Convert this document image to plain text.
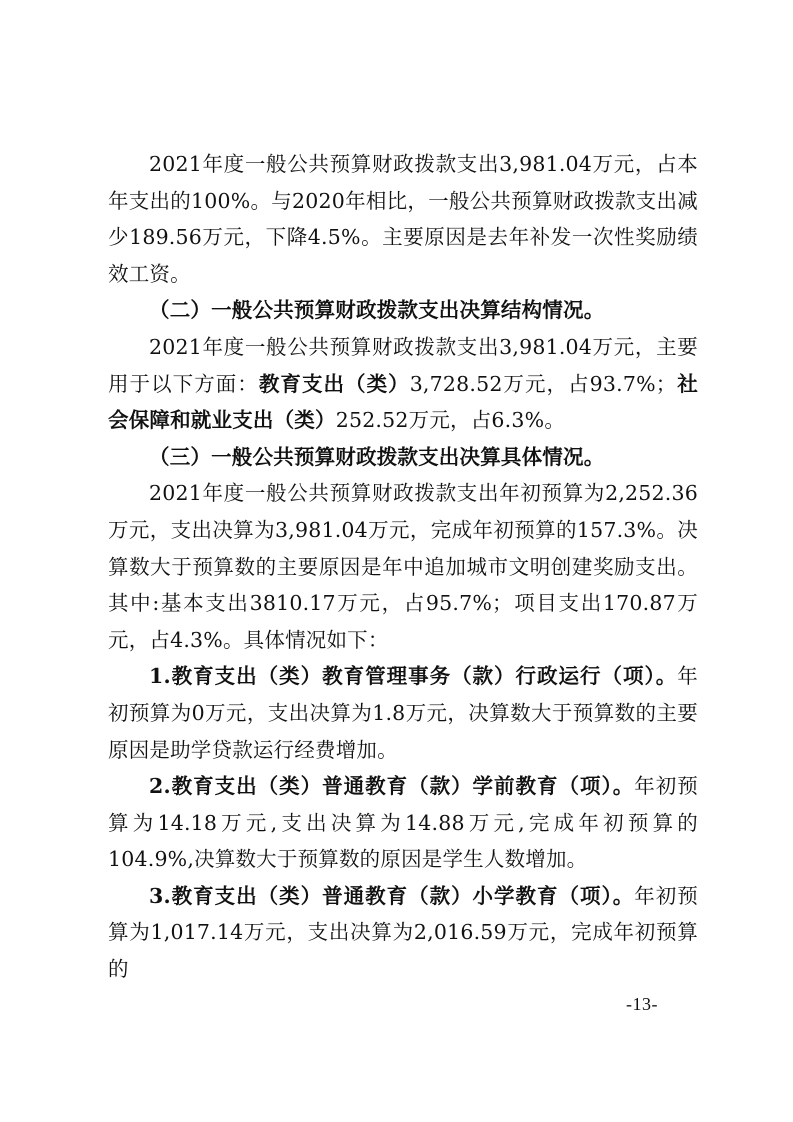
2021年度一般公共预算财政拨款支出3,981.04万元，占本年支出的100%。与2020年相比，一般公共预算财政拨款支出减少189.56万元，下降4.5%。主要原因是去年补发一次性奖励绩效工资。

（二）一般公共预算财政拨款支出决算结构情况。

2021年度一般公共预算财政拨款支出3,981.04万元，主要用于以下方面：教育支出（类）3,728.52万元，占93.7%；社会保障和就业支出（类）252.52万元，占6.3%。

（三）一般公共预算财政拨款支出决算具体情况。

2021年度一般公共预算财政拨款支出年初预算为2,252.36万元，支出决算为3,981.04万元，完成年初预算的157.3%。决算数大于预算数的主要原因是年中追加城市文明创建奖励支出。其中:基本支出3810.17万元，占95.7%；项目支出170.87万元，占4.3%。具体情况如下：

1.教育支出（类）教育管理事务（款）行政运行（项）。年初预算为0万元，支出决算为1.8万元，决算数大于预算数的主要原因是助学贷款运行经费增加。

2.教育支出（类）普通教育（款）学前教育（项）。年初预算为14.18万元,支出决算为14.88万元,完成年初预算的104.9%,决算数大于预算数的原因是学生人数增加。

3.教育支出（类）普通教育（款）小学教育（项）。年初预算为1,017.14万元，支出决算为2,016.59万元，完成年初预算的

-13-
